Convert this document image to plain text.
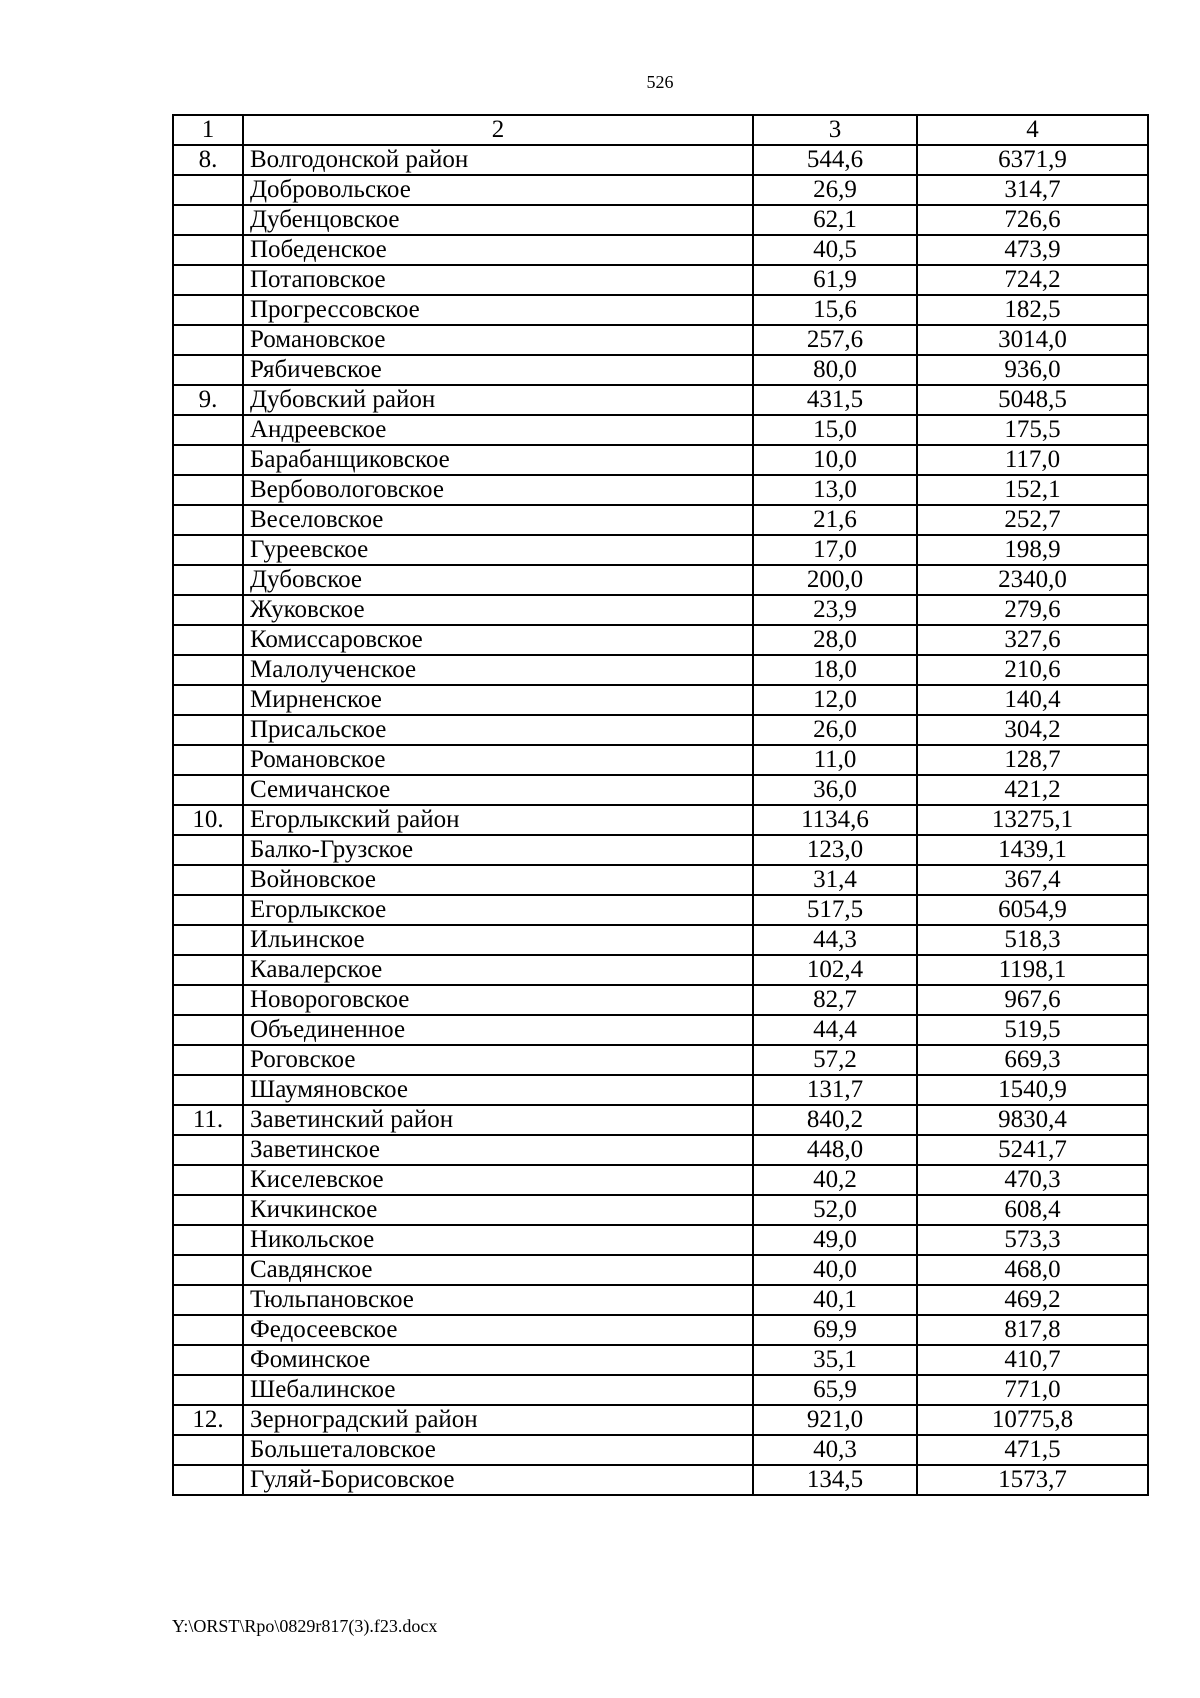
526
1	2	3	4
8.	Волгодонской район	544,6	6371,9
	Добровольское	26,9	314,7
	Дубенцовское	62,1	726,6
	Победенское	40,5	473,9
	Потаповское	61,9	724,2
	Прогрессовское	15,6	182,5
	Романовское	257,6	3014,0
	Рябичевское	80,0	936,0
9.	Дубовский район	431,5	5048,5
	Андреевское	15,0	175,5
	Барабанщиковское	10,0	117,0
	Вербовологовское	13,0	152,1
	Веселовское	21,6	252,7
	Гуреевское	17,0	198,9
	Дубовское	200,0	2340,0
	Жуковское	23,9	279,6
	Комиссаровское	28,0	327,6
	Малолученское	18,0	210,6
	Мирненское	12,0	140,4
	Присальское	26,0	304,2
	Романовское	11,0	128,7
	Семичанское	36,0	421,2
10.	Егорлыкский район	1134,6	13275,1
	Балко-Грузское	123,0	1439,1
	Войновское	31,4	367,4
	Егорлыкское	517,5	6054,9
	Ильинское	44,3	518,3
	Кавалерское	102,4	1198,1
	Новороговское	82,7	967,6
	Объединенное	44,4	519,5
	Роговское	57,2	669,3
	Шаумяновское	131,7	1540,9
11.	Заветинский район	840,2	9830,4
	Заветинское	448,0	5241,7
	Киселевское	40,2	470,3
	Кичкинское	52,0	608,4
	Никольское	49,0	573,3
	Савдянское	40,0	468,0
	Тюльпановское	40,1	469,2
	Федосеевское	69,9	817,8
	Фоминское	35,1	410,7
	Шебалинское	65,9	771,0
12.	Зерноградский район	921,0	10775,8
	Большеталовское	40,3	471,5
	Гуляй-Борисовское	134,5	1573,7
Y:\ORST\Rpo\0829r817(3).f23.docx
